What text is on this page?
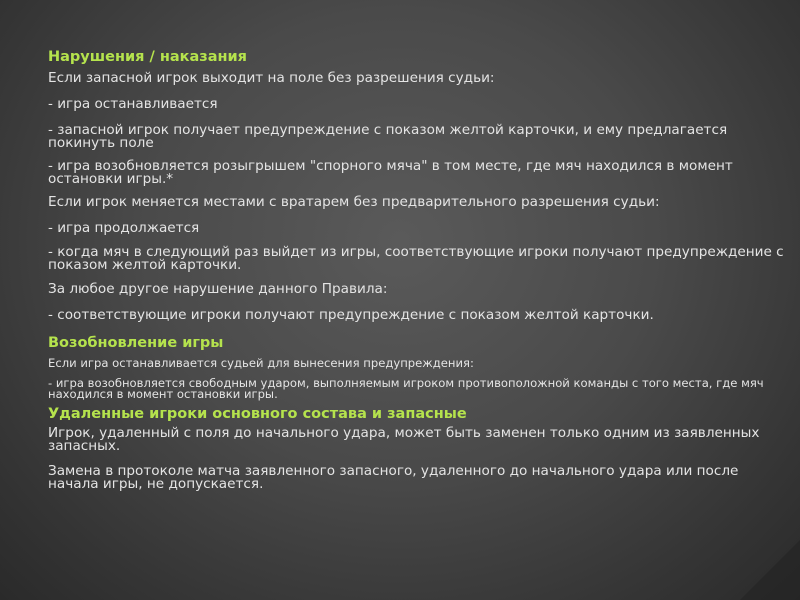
Нарушения / наказания

Если запасной игрок выходит на поле без разрешения судьи:

- игра останавливается

- запасной игрок получает предупреждение с показом желтой карточки, и ему предлагается покинуть поле

- игра возобновляется розыгрышем "спорного мяча" в том месте, где мяч находился в момент остановки игры.*

Если игрок меняется местами с вратарем без предварительного разрешения судьи:

- игра продолжается

- когда мяч в следующий раз выйдет из игры, соответствующие игроки получают предупреждение с показом желтой карточки.

За любое другое нарушение данного Правила:

- соответствующие игроки получают предупреждение с показом желтой карточки.

Возобновление игры

Если игра останавливается судьей для вынесения предупреждения:

- игра возобновляется свободным ударом, выполняемым игроком противоположной команды с того места, где мяч находился в момент остановки игры.

Удаленные игроки основного состава и запасные

Игрок, удаленный с поля до начального удара, может быть заменен только одним из заявленных запасных.

Замена в протоколе матча заявленного запасного, удаленного до начального удара или после начала игры, не допускается.
